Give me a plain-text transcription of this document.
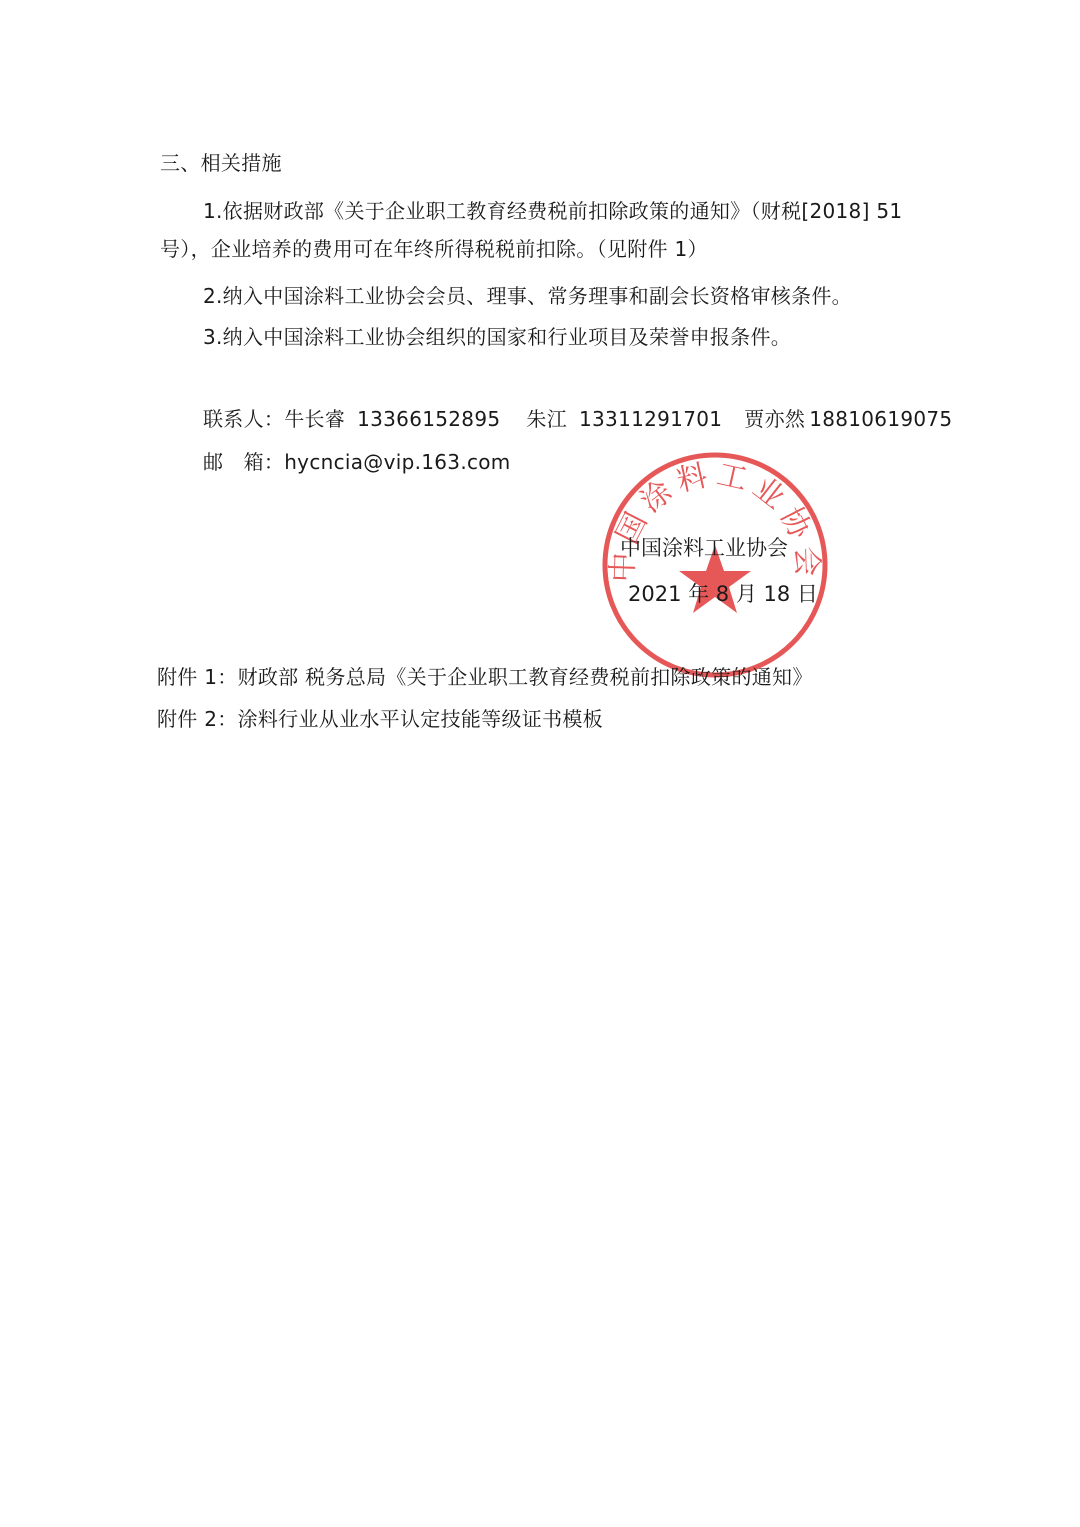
三、相关措施
1.依据财政部《关于企业职工教育经费税前扣除政策的通知》（财税[2018] 51
号），企业培养的费用可在年终所得税税前扣除。（见附件 1）
2.纳入中国涂料工业协会会员、理事、常务理事和副会长资格审核条件。
3.纳入中国涂料工业协会组织的国家和行业项目及荣誉申报条件。
联系人：牛长睿 13366152895 朱江 13311291701 贾亦然 18810619075
邮　箱：hycncia@vip.163.com
中国涂料工业协会
中国涂料工业协会
2021 年 8 月 18 日
附件 1：财政部 税务总局《关于企业职工教育经费税前扣除政策的通知》
附件 2：涂料行业从业水平认定技能等级证书模板
